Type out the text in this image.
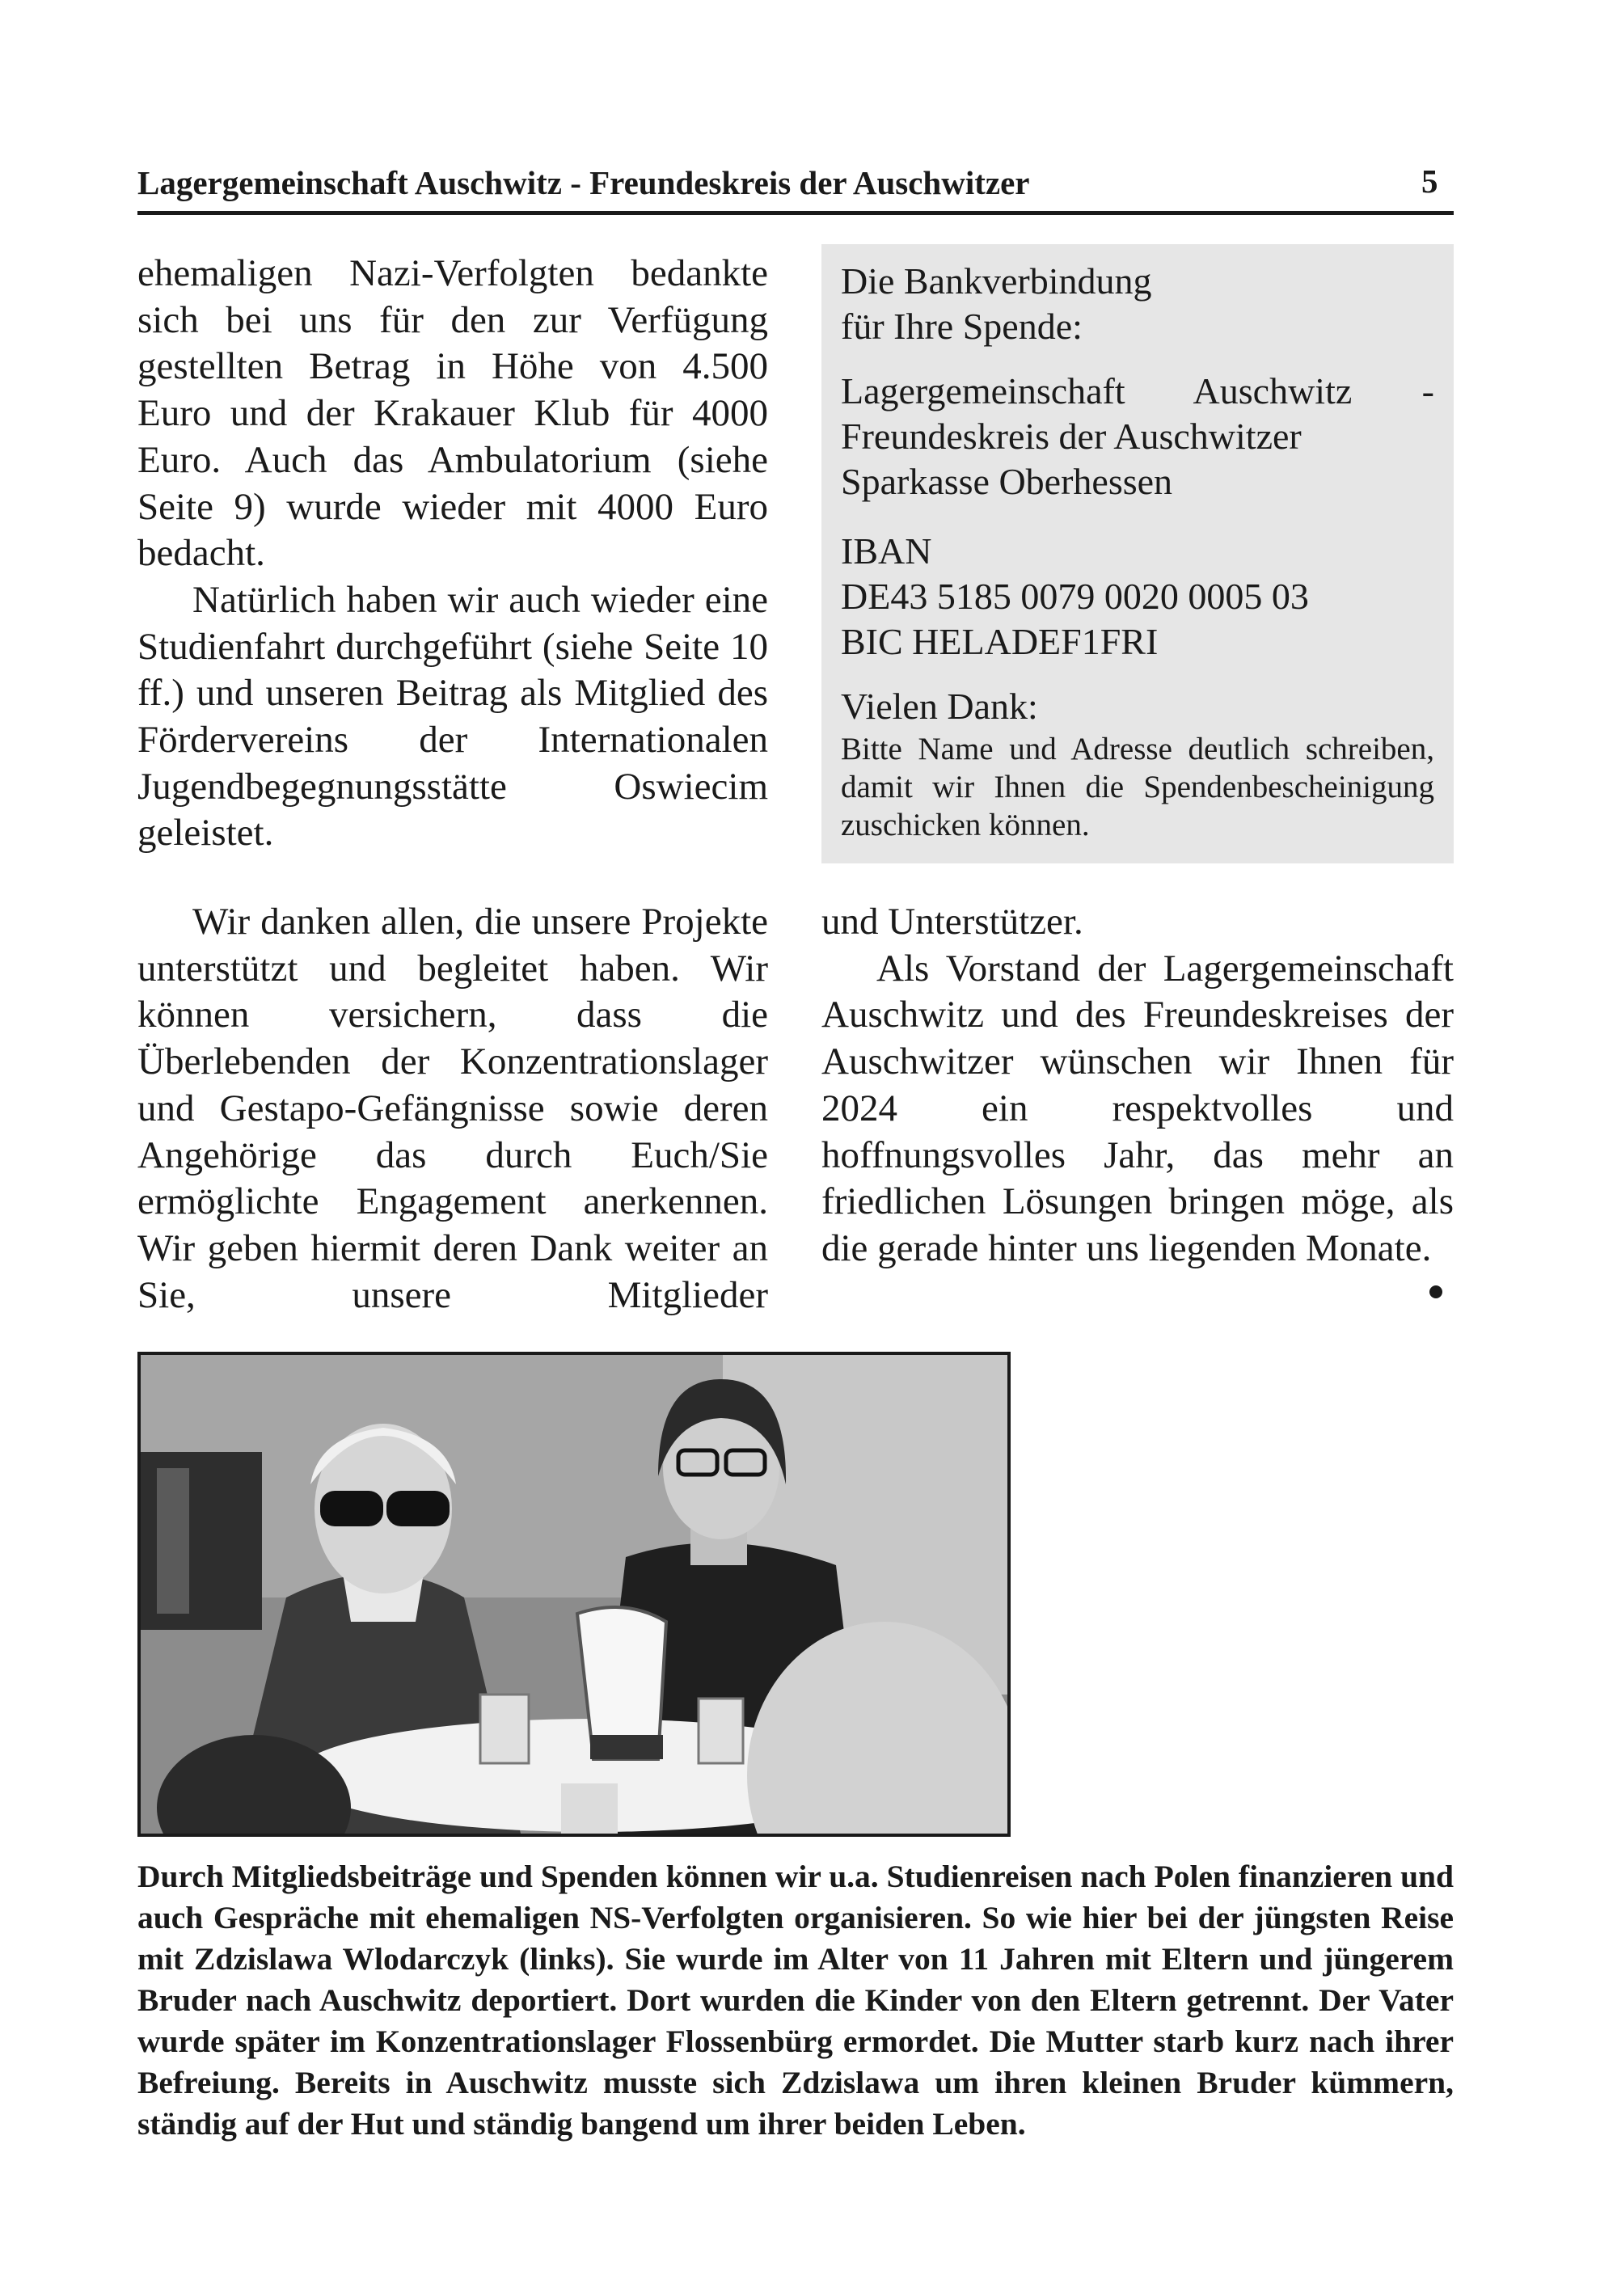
Lagergemeinschaft Auschwitz - Freundeskreis der Auschwitzer	5

ehemaligen Nazi-Verfolgten bedankte sich bei uns für den zur Verfügung gestellten Betrag in Höhe von 4.500 Euro und der Krakauer Klub für 4000 Euro. Auch das Ambulatorium (siehe Seite 9) wurde wieder mit 4000 Euro bedacht.

Natürlich haben wir auch wieder eine Studienfahrt durchgeführt (siehe Seite 10 ff.) und unseren Beitrag als Mitglied des Fördervereins der Internationalen Jugendbegegnungsstätte Oswiecim geleistet.

Die Bankverbindung

für Ihre Spende:

Lagergemeinschaft Auschwitz -

Freundeskreis der Auschwitzer

Sparkasse Oberhessen

IBAN

DE43 5185 0079 0020 0005 03

BIC HELADEF1FRI

Vielen Dank:
Bitte Name und Adresse deutlich schreiben, damit wir Ihnen die Spendenbescheinigung zuschicken können.

Wir danken allen, die unsere Projekte unterstützt und begleitet haben. Wir können versichern, dass die Überlebenden der Konzentrationslager und Gestapo-Gefängnisse sowie deren Angehörige das durch Euch/Sie ermöglichte Engagement anerkennen. Wir geben hiermit deren Dank weiter an Sie, unsere Mitglieder

und Unterstützer.

Als Vorstand der Lagergemeinschaft Auschwitz und des Freundeskreises der Auschwitzer wünschen wir Ihnen für 2024 ein respektvolles und hoffnungsvolles Jahr, das mehr an friedlichen Lösungen bringen möge, als die gerade hinter uns liegenden Monate.

Durch Mitgliedsbeiträge und Spenden können wir u.a. Studienreisen nach Polen finanzieren und auch Gespräche mit ehemaligen NS-Verfolgten organisieren. So wie hier bei der jüngsten Reise mit Zdzislawa Wlodarczyk (links). Sie wurde im Alter von 11 Jahren mit Eltern und jüngerem Bruder nach Auschwitz deportiert. Dort wurden die Kinder von den Eltern getrennt. Der Vater wurde später im Konzentrationslager Flossenbürg ermordet. Die Mutter starb kurz nach ihrer Befreiung. Bereits in Auschwitz musste sich Zdzislawa um ihren kleinen Bruder kümmern, ständig auf der Hut und ständig bangend um ihrer beiden Leben.
